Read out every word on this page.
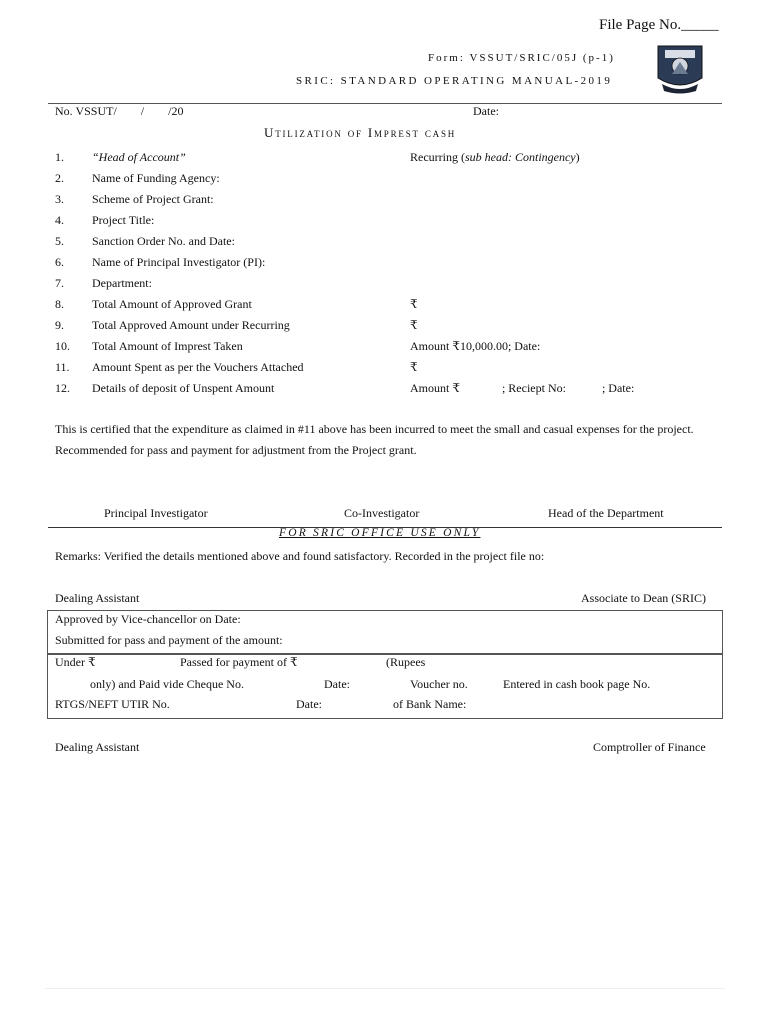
File Page No._____
Form: VSSUT/SRIC/05J (p-1)
SRIC: STANDARD OPERATING MANUAL-2019
No. VSSUT/        /        /20	Date:
Utilization of Imprest cash
1. “Head of Account”	Recurring (sub head: Contingency)
2. Name of Funding Agency:
3. Scheme of Project Grant:
4. Project Title:
5. Sanction Order No. and Date:
6. Name of Principal Investigator (PI):
7. Department:
8. Total Amount of Approved Grant	₹
9. Total Approved Amount under Recurring	₹
10. Total Amount of Imprest Taken	Amount ₹10,000.00; Date:
11. Amount Spent as per the Vouchers Attached	₹
12. Details of deposit of Unspent Amount	Amount ₹              ; Reciept No:            ; Date:
This is certified that the expenditure as claimed in #11 above has been incurred to meet the small and casual expenses for the project. Recommended for pass and payment for adjustment from the Project grant.
Principal Investigator	Co-Investigator	Head of the Department
FOR SRIC OFFICE USE ONLY
Remarks: Verified the details mentioned above and found satisfactory. Recorded in the project file no:
Dealing Assistant	Associate to Dean (SRIC)
Approved by Vice-chancellor on Date:
Submitted for pass and payment of the amount:
Under ₹	Passed for payment of ₹	(Rupees
only) and Paid vide Cheque No.	Date:	Voucher no.	Entered in cash book page No.
RTGS/NEFT UTIR No.	Date:	of Bank Name:
Dealing Assistant	Comptroller of Finance
